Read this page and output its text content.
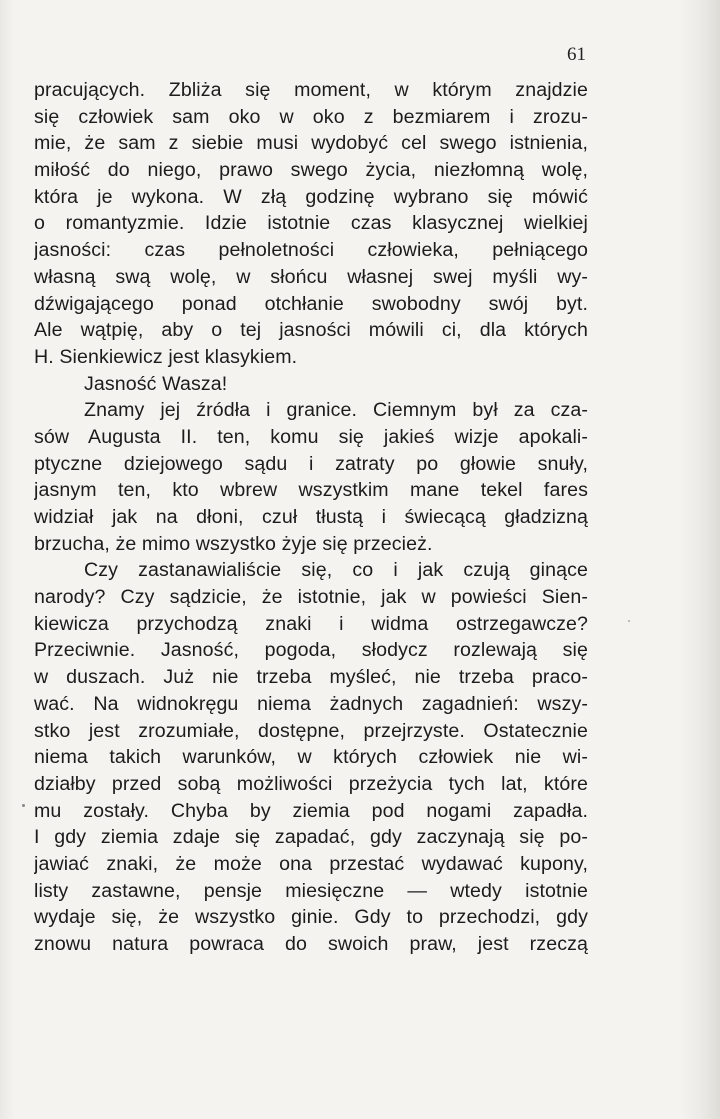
61
pracujących. Zbliża się moment, w którym znajdzie
się człowiek sam oko w oko z bezmiarem i zrozu-
mie, że sam z siebie musi wydobyć cel swego istnienia,
miłość do niego, prawo swego życia, niezłomną wolę,
która je wykona. W złą godzinę wybrano się mówić
o romantyzmie. Idzie istotnie czas klasycznej wielkiej
jasności: czas pełnoletności człowieka, pełniącego
własną swą wolę, w słońcu własnej swej myśli wy-
dźwigającego ponad otchłanie swobodny swój byt.
Ale wątpię, aby o tej jasności mówili ci, dla których
H. Sienkiewicz jest klasykiem.
Jasność Wasza!
Znamy jej źródła i granice. Ciemnym był za cza-
sów Augusta II. ten, komu się jakieś wizje apokali-
ptyczne dziejowego sądu i zatraty po głowie snuły,
jasnym ten, kto wbrew wszystkim mane tekel fares
widział jak na dłoni, czuł tłustą i świecącą gładzizną
brzucha, że mimo wszystko żyje się przecież.
Czy zastanawialiście się, co i jak czują ginące
narody? Czy sądzicie, że istotnie, jak w powieści Sien-
kiewicza przychodzą znaki i widma ostrzegawcze?
Przeciwnie. Jasność, pogoda, słodycz rozlewają się
w duszach. Już nie trzeba myśleć, nie trzeba praco-
wać. Na widnokręgu niema żadnych zagadnień: wszy-
stko jest zrozumiałe, dostępne, przejrzyste. Ostatecznie
niema takich warunków, w których człowiek nie wi-
działby przed sobą możliwości przeżycia tych lat, które
mu zostały. Chyba by ziemia pod nogami zapadła.
I gdy ziemia zdaje się zapadać, gdy zaczynają się po-
jawiać znaki, że może ona przestać wydawać kupony,
listy zastawne, pensje miesięczne — wtedy istotnie
wydaje się, że wszystko ginie. Gdy to przechodzi, gdy
znowu natura powraca do swoich praw, jest rzeczą
